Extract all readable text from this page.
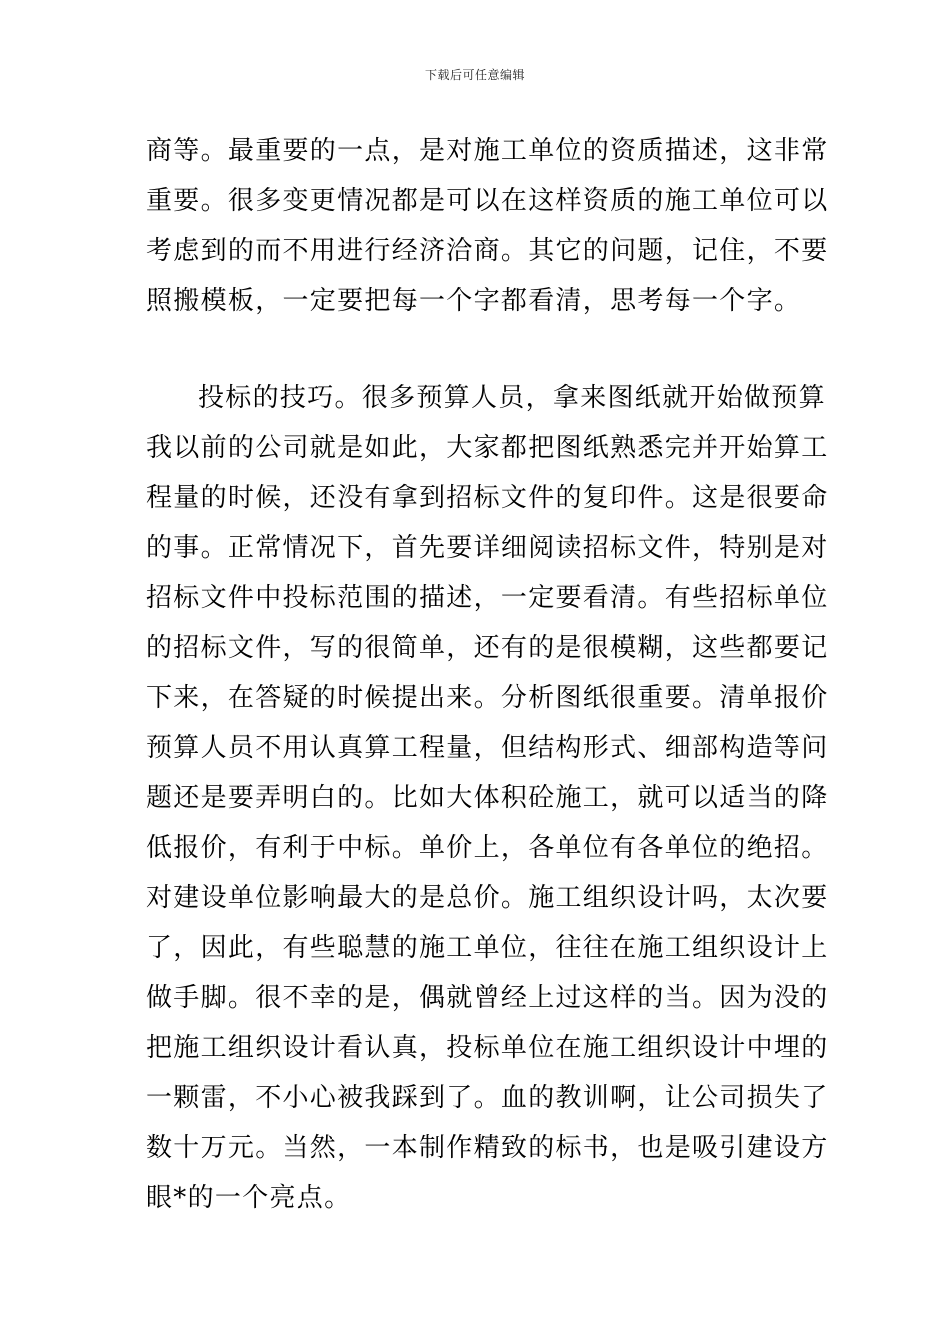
下载后可任意编辑
商等。最重要的一点，是对施工单位的资质描述，这非常
重要。很多变更情况都是可以在这样资质的施工单位可以
考虑到的而不用进行经济洽商。其它的问题，记住，不要
照搬模板，一定要把每一个字都看清，思考每一个字。
投标的技巧。很多预算人员，拿来图纸就开始做预算
我以前的公司就是如此，大家都把图纸熟悉完并开始算工
程量的时候，还没有拿到招标文件的复印件。这是很要命
的事。正常情况下，首先要详细阅读招标文件，特别是对
招标文件中投标范围的描述，一定要看清。有些招标单位
的招标文件，写的很简单，还有的是很模糊，这些都要记
下来，在答疑的时候提出来。分析图纸很重要。清单报价
预算人员不用认真算工程量，但结构形式、细部构造等问
题还是要弄明白的。比如大体积砼施工，就可以适当的降
低报价，有利于中标。单价上，各单位有各单位的绝招。
对建设单位影响最大的是总价。施工组织设计吗，太次要
了，因此，有些聪慧的施工单位，往往在施工组织设计上
做手脚。很不幸的是，偶就曾经上过这样的当。因为没的
把施工组织设计看认真，投标单位在施工组织设计中埋的
一颗雷，不小心被我踩到了。血的教训啊，让公司损失了
数十万元。当然，一本制作精致的标书，也是吸引建设方
眼*的一个亮点。
